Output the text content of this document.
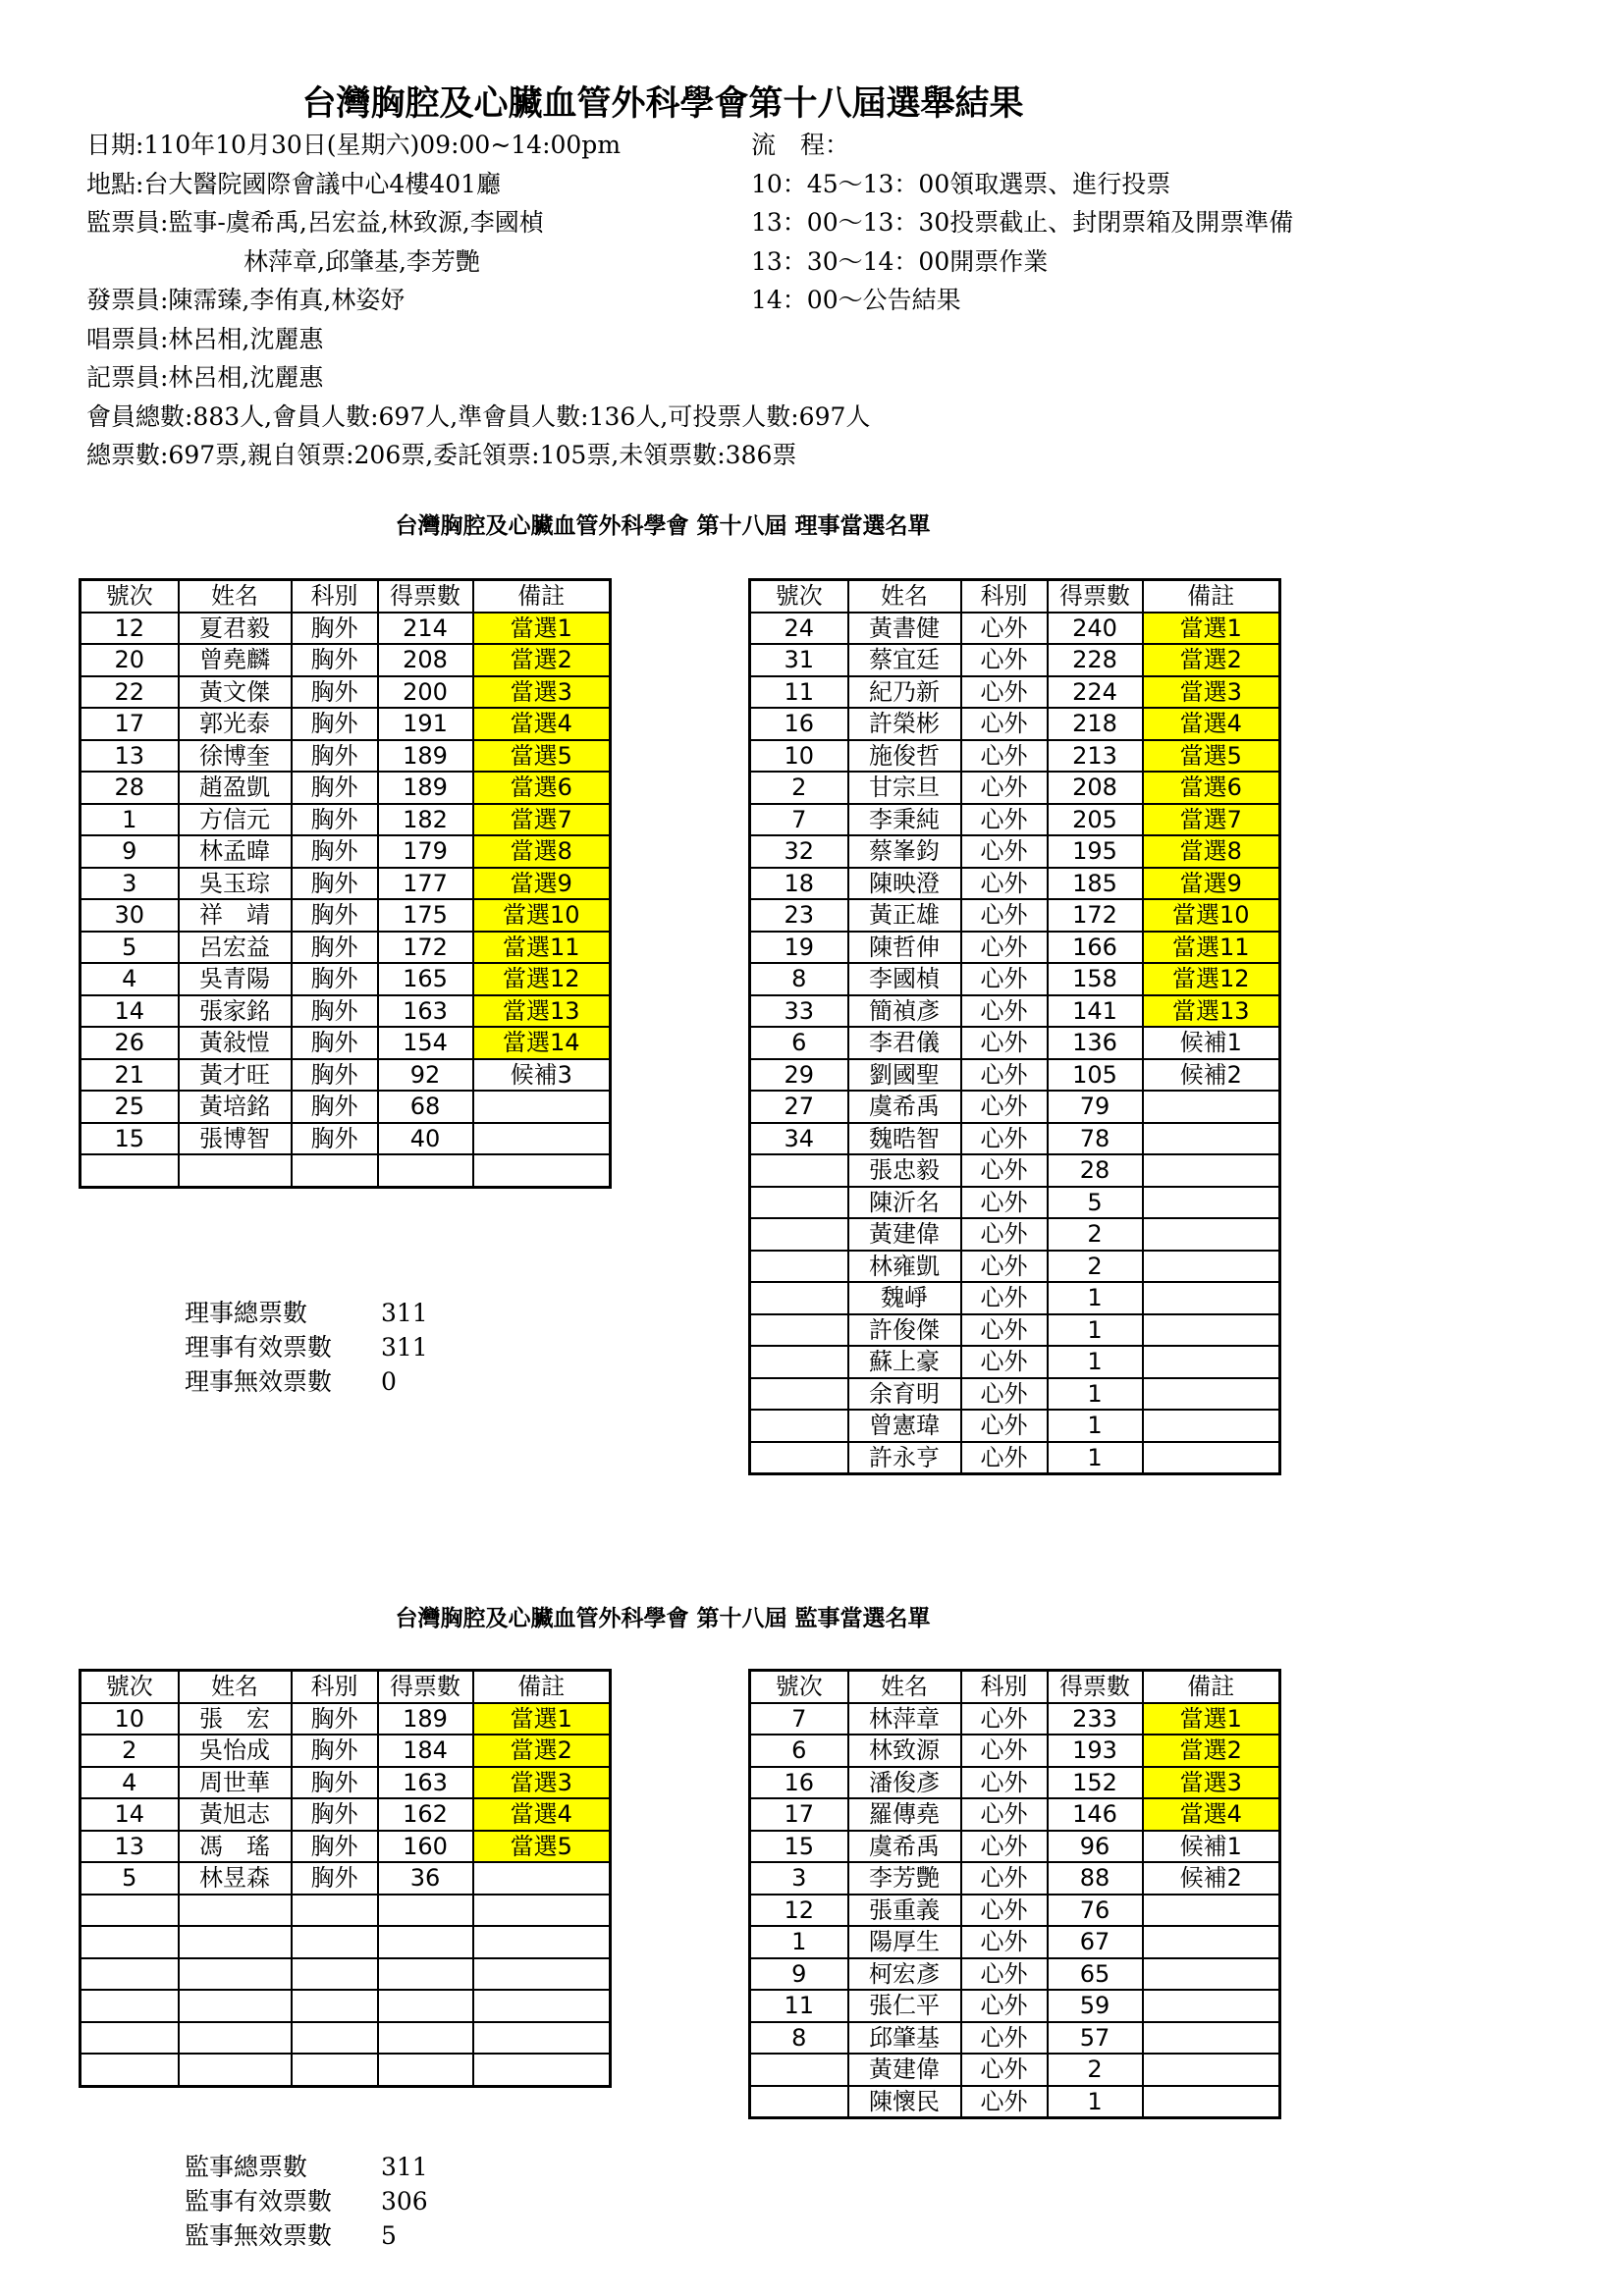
台灣胸腔及心臟血管外科學會第十八屆選舉結果
日期:110年10月30日(星期六)09:00~14:00pm
地點:台大醫院國際會議中心4樓401廳
監票員:監事-虞希禹,呂宏益,林致源,李國楨
林萍章,邱肇基,李芳艷
發票員:陳霈臻,李侑真,林姿妤
唱票員:林呂相,沈麗惠
記票員:林呂相,沈麗惠
會員總數:883人,會員人數:697人,準會員人數:136人,可投票人數:697人
總票數:697票,親自領票:206票,委託領票:105票,未領票數:386票
流　程：
10：45～13：00領取選票、進行投票
13：00～13：30投票截止、封閉票箱及開票準備
13：30～14：00開票作業
14：00～公告結果
台灣胸腔及心臟血管外科學會 第十八屆 理事當選名單
號次	姓名	科別	得票數	備註
12	夏君毅	胸外	214	當選1
20	曾堯麟	胸外	208	當選2
22	黃文傑	胸外	200	當選3
17	郭光泰	胸外	191	當選4
13	徐博奎	胸外	189	當選5
28	趙盈凱	胸外	189	當選6
1	方信元	胸外	182	當選7
9	林孟暐	胸外	179	當選8
3	吳玉琮	胸外	177	當選9
30	祥　靖	胸外	175	當選10
5	呂宏益	胸外	172	當選11
4	吳青陽	胸外	165	當選12
14	張家銘	胸外	163	當選13
26	黃敍愷	胸外	154	當選14
21	黃才旺	胸外	92	候補3
25	黃培銘	胸外	68	
15	張博智	胸外	40	

號次	姓名	科別	得票數	備註
24	黃書健	心外	240	當選1
31	蔡宜廷	心外	228	當選2
11	紀乃新	心外	224	當選3
16	許榮彬	心外	218	當選4
10	施俊哲	心外	213	當選5
2	甘宗旦	心外	208	當選6
7	李秉純	心外	205	當選7
32	蔡峯鈞	心外	195	當選8
18	陳映澄	心外	185	當選9
23	黃正雄	心外	172	當選10
19	陳哲伸	心外	166	當選11
8	李國楨	心外	158	當選12
33	簡禎彥	心外	141	當選13
6	李君儀	心外	136	候補1
29	劉國聖	心外	105	候補2
27	虞希禹	心外	79	
34	魏晧智	心外	78	
	張忠毅	心外	28	
	陳沂名	心外	5	
	黃建偉	心外	2	
	林雍凱	心外	2	
	魏崢	心外	1	
	許俊傑	心外	1	
	蘇上豪	心外	1	
	余育明	心外	1	
	曾憲瑋	心外	1	
	許永亨	心外	1	
理事總票數	311
理事有效票數 311
理事無效票數 0
台灣胸腔及心臟血管外科學會 第十八屆 監事當選名單
號次	姓名	科別	得票數	備註
10	張　宏	胸外	189	當選1
2	吳怡成	胸外	184	當選2
4	周世華	胸外	163	當選3
14	黃旭志	胸外	162	當選4
13	馮　瑤	胸外	160	當選5
5	林昱森	胸外	36	

號次	姓名	科別	得票數	備註
7	林萍章	心外	233	當選1
6	林致源	心外	193	當選2
16	潘俊彥	心外	152	當選3
17	羅傳堯	心外	146	當選4
15	虞希禹	心外	96	候補1
3	李芳艷	心外	88	候補2
12	張重義	心外	76	
1	陽厚生	心外	67	
9	柯宏彥	心外	65	
11	張仁平	心外	59	
8	邱肇基	心外	57	
	黃建偉	心外	2	
	陳懷民	心外	1	
監事總票數	311
監事有效票數 306
監事無效票數 5
